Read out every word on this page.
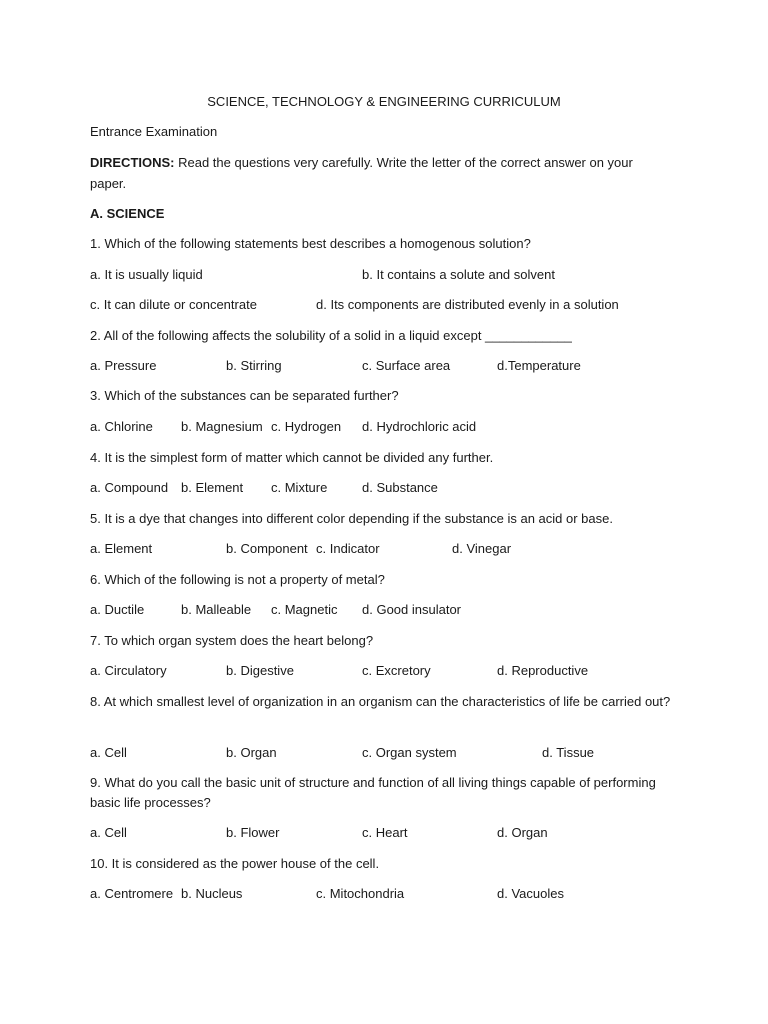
SCIENCE, TECHNOLOGY & ENGINEERING CURRICULUM
Entrance Examination
DIRECTIONS: Read the questions very carefully. Write the letter of the correct answer on your paper.
A. SCIENCE
1. Which of the following statements best describes a homogenous solution?
a. It is usually liquid	b. It contains a solute and solvent
c. It can dilute or concentrate	d. Its components are distributed evenly in a solution
2. All of the following affects the solubility of a solid in a liquid except ____________
a. Pressure	b. Stirring	c. Surface area	d.Temperature
3. Which of the substances can be separated further?
a. Chlorine b. Magnesium c. Hydrogen d. Hydrochloric acid
4. It is the simplest form of matter which cannot be divided any further.
a. Compound b. Element c. Mixture	d. Substance
5. It is a dye that changes into different color depending if the substance is an acid or base.
a. Element	b. Component c. Indicator	d. Vinegar
6. Which of the following is not a property of metal?
a. Ductile	b. Malleable c. Magnetic d. Good insulator
7. To which organ system does the heart belong?
a. Circulatory	b. Digestive	c. Excretory	d. Reproductive
8. At which smallest level of organization in an organism can the characteristics of life be carried out?
a. Cell	b. Organ	c. Organ system	d. Tissue
9. What do you call the basic unit of structure and function of all living things capable of performing basic life processes?
a. Cell	b. Flower	c. Heart	d. Organ
10. It is considered as the power house of the cell.
a. Centromere b. Nucleus	c. Mitochondria	d. Vacuoles
